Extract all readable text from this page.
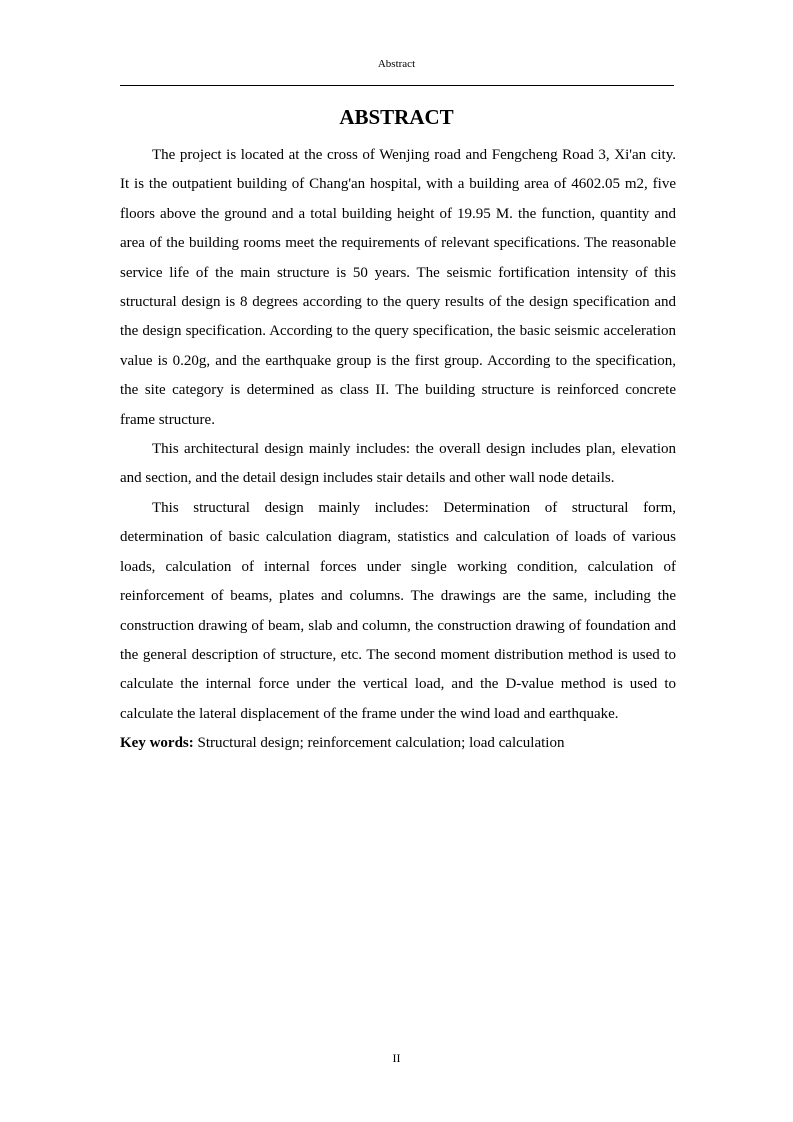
Abstract
ABSTRACT

The project is located at the cross of Wenjing road and Fengcheng Road 3, Xi'an city. It is the outpatient building of Chang'an hospital, with a building area of 4602.05 m2, five floors above the ground and a total building height of 19.95 M. the function, quantity and area of the building rooms meet the requirements of relevant specifications. The reasonable service life of the main structure is 50 years. The seismic fortification intensity of this structural design is 8 degrees according to the query results of the design specification and the design specification. According to the query specification, the basic seismic acceleration value is 0.20g, and the earthquake group is the first group. According to the specification, the site category is determined as class II. The building structure is reinforced concrete frame structure.

This architectural design mainly includes: the overall design includes plan, elevation and section, and the detail design includes stair details and other wall node details.

This structural design mainly includes: Determination of structural form, determination of basic calculation diagram, statistics and calculation of loads of various loads, calculation of internal forces under single working condition, calculation of reinforcement of beams, plates and columns. The drawings are the same, including the construction drawing of beam, slab and column, the construction drawing of foundation and the general description of structure, etc. The second moment distribution method is used to calculate the internal force under the vertical load, and the D-value method is used to calculate the lateral displacement of the frame under the wind load and earthquake.

Key words: Structural design; reinforcement calculation; load calculation

II
